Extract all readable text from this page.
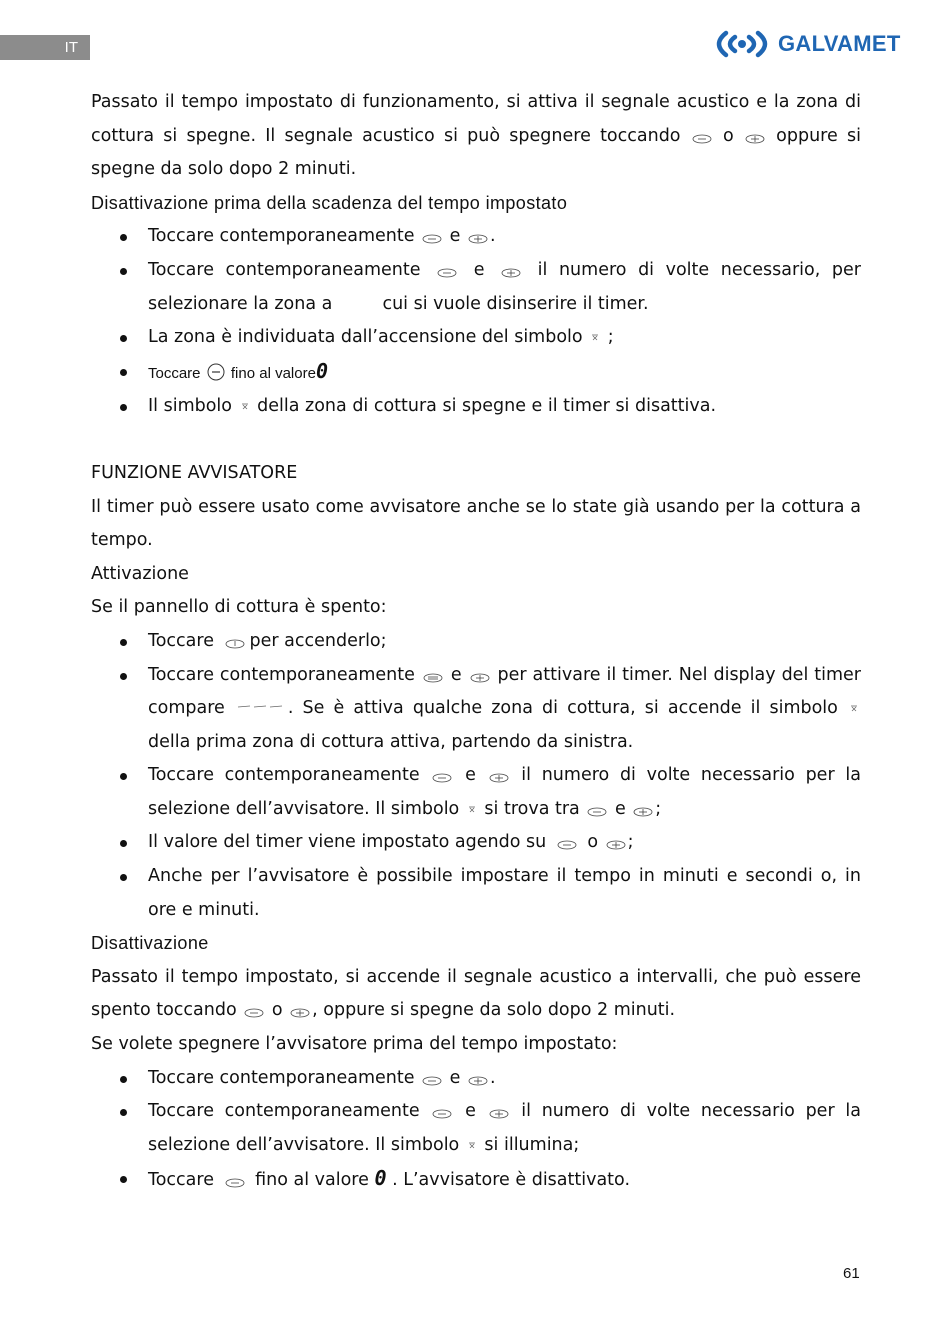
IT	GALVAMET

Passato il tempo impostato di funzionamento, si attiva il segnale acustico e la zona di cottura si spegne. Il segnale acustico si può spegnere toccando o oppure si spegne da solo dopo 2 minuti.

Disattivazione prima della scadenza del tempo impostato

Toccare contemporaneamente e .
Toccare contemporaneamente	e	il numero di volte necessario, per selezionare la zona a	cui si vuole disinserire il timer.
La zona è individuata dall’accensione del simbolo ;
Toccare fino al valore0
Il simbolo della zona di cottura si spegne e il timer si disattiva.

FUNZIONE AVVISATORE

Il timer può essere usato come avvisatore anche se lo state già usando per la cottura a tempo.

Attivazione

Se il pannello di cottura è spento:

Toccare per accenderlo;
Toccare contemporaneamente e per attivare il timer. Nel display del timer compare	. Se è attiva qualche zona di cottura, si accende il simbolo  della prima zona di cottura attiva, partendo da sinistra.
Toccare contemporaneamente	e	il numero di volte necessario per la selezione dell’avvisatore. Il simbolo si trova tra e ;
Il valore del timer viene impostato agendo su o ;
Anche per l’avvisatore è possibile impostare il tempo in minuti e secondi o, in ore e minuti.

Disattivazione

Passato il tempo impostato, si accende il segnale acustico a intervalli, che può essere spento toccando o , oppure si spegne da solo dopo 2 minuti.

Se volete spegnere l’avvisatore prima del tempo impostato:

Toccare contemporaneamente e .
Toccare contemporaneamente	e	il numero di volte necessario per la selezione dell’avvisatore. Il simbolo si illumina;
Toccare fino al valore 0 . L’avvisatore è disattivato.
61
